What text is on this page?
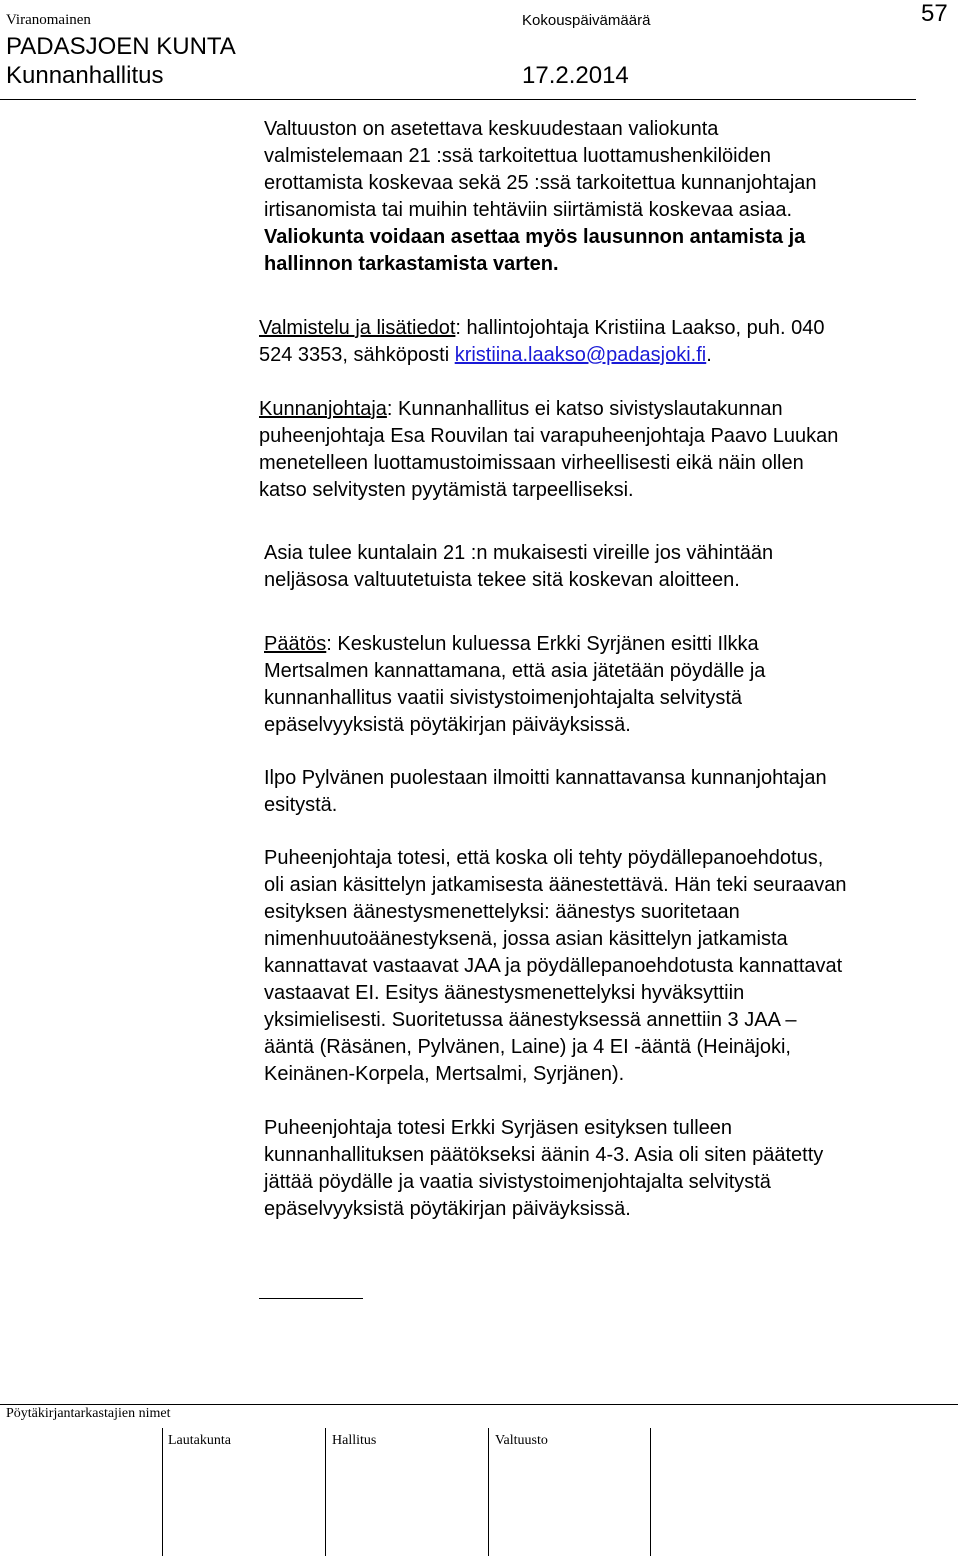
Viranomainen	Kokouspäivämäärä	57
PADASJOEN KUNTA
Kunnanhallitus	17.2.2014
Valtuuston on asetettava keskuudestaan valiokunta
valmistelemaan 21 :ssä tarkoitettua luottamushenkilöiden
erottamista koskevaa sekä 25 :ssä tarkoitettua kunnanjohtajan
irtisanomista tai muihin tehtäviin siirtämistä koskevaa asiaa.
Valiokunta voidaan asettaa myös lausunnon antamista ja
hallinnon tarkastamista varten.
Valmistelu ja lisätiedot: hallintojohtaja Kristiina Laakso, puh. 040
524 3353, sähköposti kristiina.laakso@padasjoki.fi.
Kunnanjohtaja: Kunnanhallitus ei katso sivistyslautakunnan
puheenjohtaja Esa Rouvilan tai varapuheenjohtaja Paavo Luukan
menetelleen luottamustoimissaan virheellisesti eikä näin ollen
katso selvitysten pyytämistä tarpeelliseksi.
Asia tulee kuntalain 21 :n mukaisesti vireille jos vähintään
neljäsosa valtuutetuista tekee sitä koskevan aloitteen.
Päätös: Keskustelun kuluessa Erkki Syrjänen esitti Ilkka
Mertsalmen kannattamana, että asia jätetään pöydälle ja
kunnanhallitus vaatii sivistystoimenjohtajalta selvitystä
epäselvyyksistä pöytäkirjan päiväyksissä.
Ilpo Pylvänen puolestaan ilmoitti kannattavansa kunnanjohtajan
esitystä.
Puheenjohtaja totesi, että koska oli tehty pöydällepanoehdotus,
oli asian käsittelyn jatkamisesta äänestettävä. Hän teki seuraavan
esityksen äänestysmenettelyksi: äänestys suoritetaan
nimenhuutoäänestyksenä, jossa asian käsittelyn jatkamista
kannattavat vastaavat JAA ja pöydällepanoehdotusta kannattavat
vastaavat EI. Esitys äänestysmenettelyksi hyväksyttiin
yksimielisesti. Suoritetussa äänestyksessä annettiin 3 JAA –
ääntä (Räsänen, Pylvänen, Laine) ja 4 EI -ääntä (Heinäjoki,
Keinänen-Korpela, Mertsalmi, Syrjänen).
Puheenjohtaja totesi Erkki Syrjäsen esityksen tulleen
kunnanhallituksen päätökseksi äänin 4-3. Asia oli siten päätetty
jättää pöydälle ja vaatia sivistystoimenjohtajalta selvitystä
epäselvyyksistä pöytäkirjan päiväyksissä.
Pöytäkirjantarkastajien nimet
Lautakunta	Hallitus	Valtuusto
